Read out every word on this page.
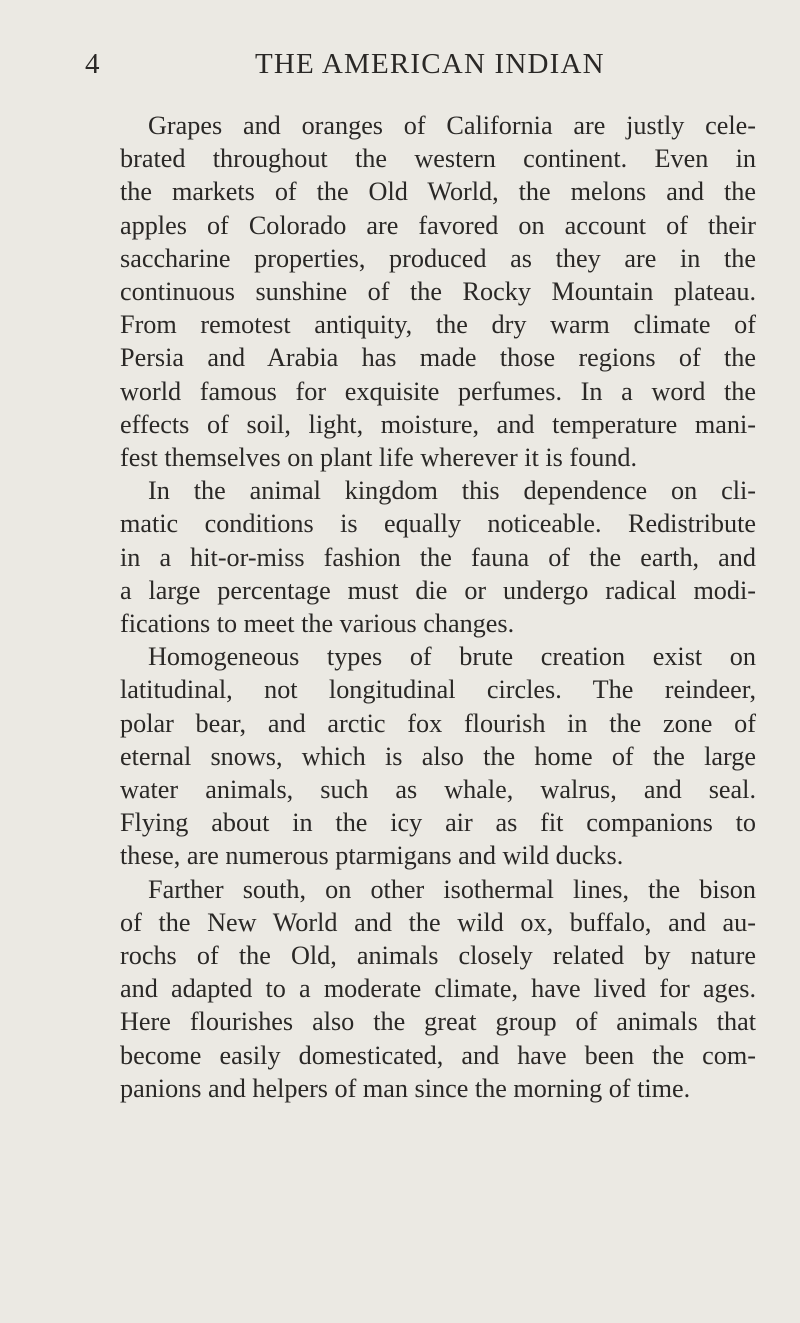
4	THE AMERICAN INDIAN
Grapes and oranges of California are justly cele-
brated throughout the western continent. Even in
the markets of the Old World, the melons and the
apples of Colorado are favored on account of their
saccharine properties, produced as they are in the
continuous sunshine of the Rocky Mountain plateau.
From remotest antiquity, the dry warm climate of
Persia and Arabia has made those regions of the
world famous for exquisite perfumes. In a word the
effects of soil, light, moisture, and temperature mani-
fest themselves on plant life wherever it is found.
In the animal kingdom this dependence on cli-
matic conditions is equally noticeable. Redistribute
in a hit-or-miss fashion the fauna of the earth, and
a large percentage must die or undergo radical modi-
fications to meet the various changes.
Homogeneous types of brute creation exist on
latitudinal, not longitudinal circles. The reindeer,
polar bear, and arctic fox flourish in the zone of
eternal snows, which is also the home of the large
water animals, such as whale, walrus, and seal.
Flying about in the icy air as fit companions to
these, are numerous ptarmigans and wild ducks.
Farther south, on other isothermal lines, the bison
of the New World and the wild ox, buffalo, and au-
rochs of the Old, animals closely related by nature
and adapted to a moderate climate, have lived for ages.
Here flourishes also the great group of animals that
become easily domesticated, and have been the com-
panions and helpers of man since the morning of time.
